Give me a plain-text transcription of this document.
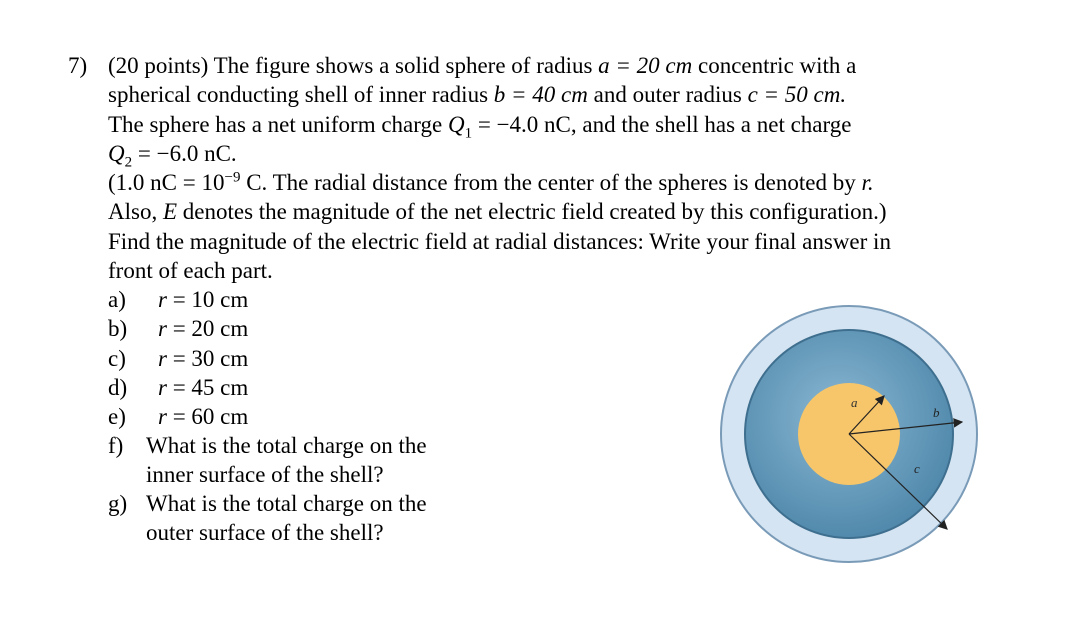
7) (20 points) The figure shows a solid sphere of radius a = 20 cm concentric with a
spherical conducting shell of inner radius b = 40 cm and outer radius c = 50 cm.
The sphere has a net uniform charge $Q_1 = -4.0$ nC, and the shell has a net charge
$Q_2 = -6.0$ nC.
(1.0 nC = $10^{-9}$ C. The radial distance from the center of the spheres is denoted by r.
Also, E denotes the magnitude of the net electric field created by this configuration.)
Find the magnitude of the electric field at radial distances: Write your final answer in
front of each part.
a) r = 10 cm
b) r = 20 cm
c) r = 30 cm
d) r = 45 cm
e) r = 60 cm
f) What is the total charge on the
inner surface of the shell?
g) What is the total charge on the
outer surface of the shell?
a
b
c
